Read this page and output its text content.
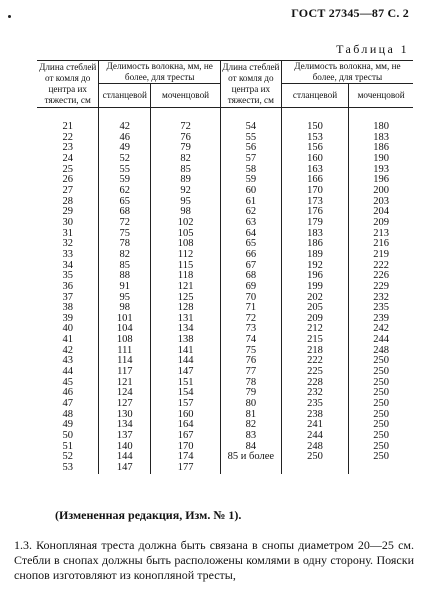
ГОСТ 27345—87 С. 2
Таблица 1
Длина стеблей от комля до центра их тяжести, см	Делимость волокна, мм, не более, для тресты		Длина стеблей от комля до центра их тяжести, см	Делимость волокна, мм, не более, для тресты	
	стланцевой	моченцовой		стланцевой	моченцовой
21	42	72	54	150	180
22	46	76	55	153	183
23	49	79	56	156	186
24	52	82	57	160	190
25	55	85	58	163	193
26	59	89	59	166	196
27	62	92	60	170	200
28	65	95	61	173	203
29	68	98	62	176	204
30	72	102	63	179	209
31	75	105	64	183	213
32	78	108	65	186	216
33	82	112	66	189	219
34	85	115	67	192	222
35	88	118	68	196	226
36	91	121	69	199	229
37	95	125	70	202	232
38	98	128	71	205	235
39	101	131	72	209	239
40	104	134	73	212	242
41	108	138	74	215	244
42	111	141	75	218	248
43	114	144	76	222	250
44	117	147	77	225	250
45	121	151	78	228	250
46	124	154	79	232	250
47	127	157	80	235	250
48	130	160	81	238	250
49	134	164	82	241	250
50	137	167	83	244	250
51	140	170	84	248	250
52	144	174	85 и более	250	250
53	147	177			
(Измененная редакция, Изм. № 1).
1.3. Конопляная треста должна быть связана в снопы диаметром 20—25 см. Стебли в снопах должны быть расположены комлями в одну сторону. Пояски снопов изготовляют из конопляной тресты,
